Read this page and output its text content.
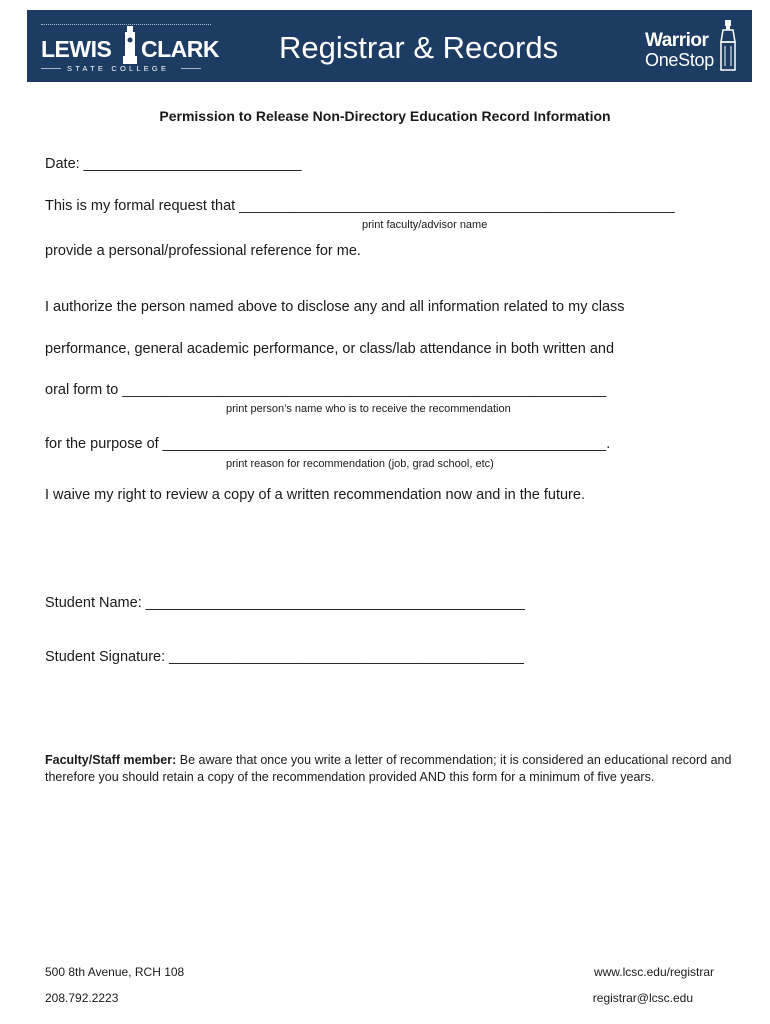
LEWIS CLARK
STATE COLLEGE
Registrar & Records	Warrior
OneStop
Permission to Release Non-Directory Education Record Information
Date: ___________________________
This is my formal request that ______________________________________________________
print faculty/advisor name
provide a personal/professional reference for me.
I authorize the person named above to disclose any and all information related to my class
performance, general academic performance, or class/lab attendance in both written and
oral form to ____________________________________________________________
print person’s name who is to receive the recommendation
for the purpose of _______________________________________________________.
print reason for recommendation (job, grad school, etc)
I waive my right to review a copy of a written recommendation now and in the future.
Student Name: _______________________________________________
Student Signature: ____________________________________________
Faculty/Staff member: Be aware that once you write a letter of recommendation; it is considered an educational record and therefore you should retain a copy of the recommendation provided AND this form for a minimum of five years.
500 8th Avenue, RCH 108
208.792.2223
www.lcsc.edu/registrar
registrar@lcsc.edu
